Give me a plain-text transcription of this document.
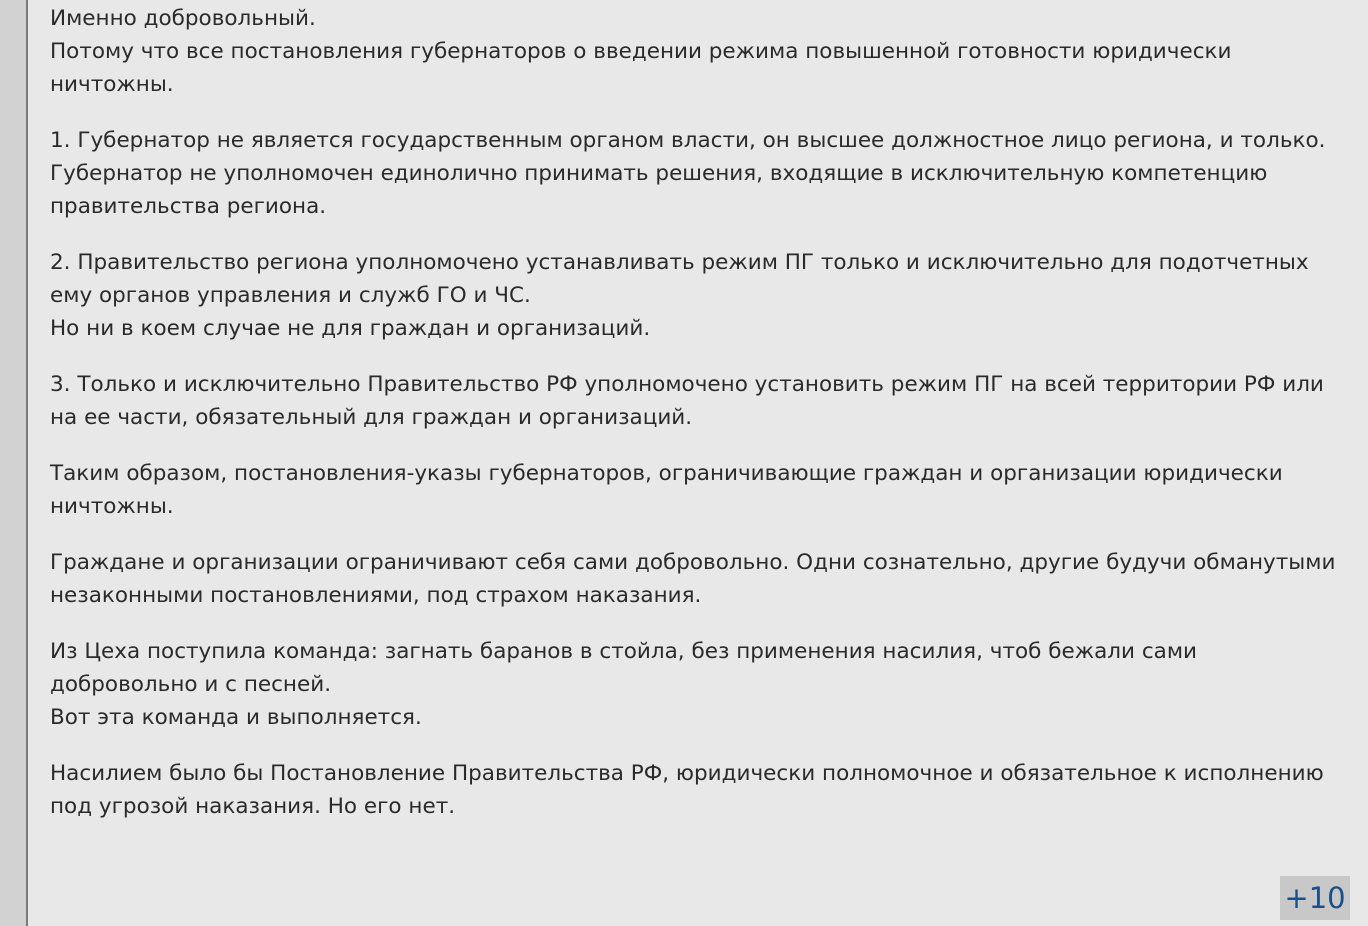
Именно добровольный.
Потому что все постановления губернаторов о введении режима повышенной готовности юридически ничтожны.

1. Губернатор не является государственным органом власти, он высшее должностное лицо региона, и только.
Губернатор не уполномочен единолично принимать решения, входящие в исключительную компетенцию правительства региона.

2. Правительство региона уполномочено устанавливать режим ПГ только и исключительно для подотчетных ему органов управления и служб ГО и ЧС.
Но ни в коем случае не для граждан и организаций.

3. Только и исключительно Правительство РФ уполномочено установить режим ПГ на всей территории РФ или на ее части, обязательный для граждан и организаций.

Таким образом, постановления-указы губернаторов, ограничивающие граждан и организации юридически ничтожны.

Граждане и организации ограничивают себя сами добровольно. Одни сознательно, другие будучи обманутыми незаконными постановлениями, под страхом наказания.

Из Цеха поступила команда: загнать баранов в стойла, без применения насилия, чтоб бежали сами добровольно и с песней.
Вот эта команда и выполняется.

Насилием было бы Постановление Правительства РФ, юридически полномочное и обязательное к исполнению под угрозой наказания. Но его нет.

+10
